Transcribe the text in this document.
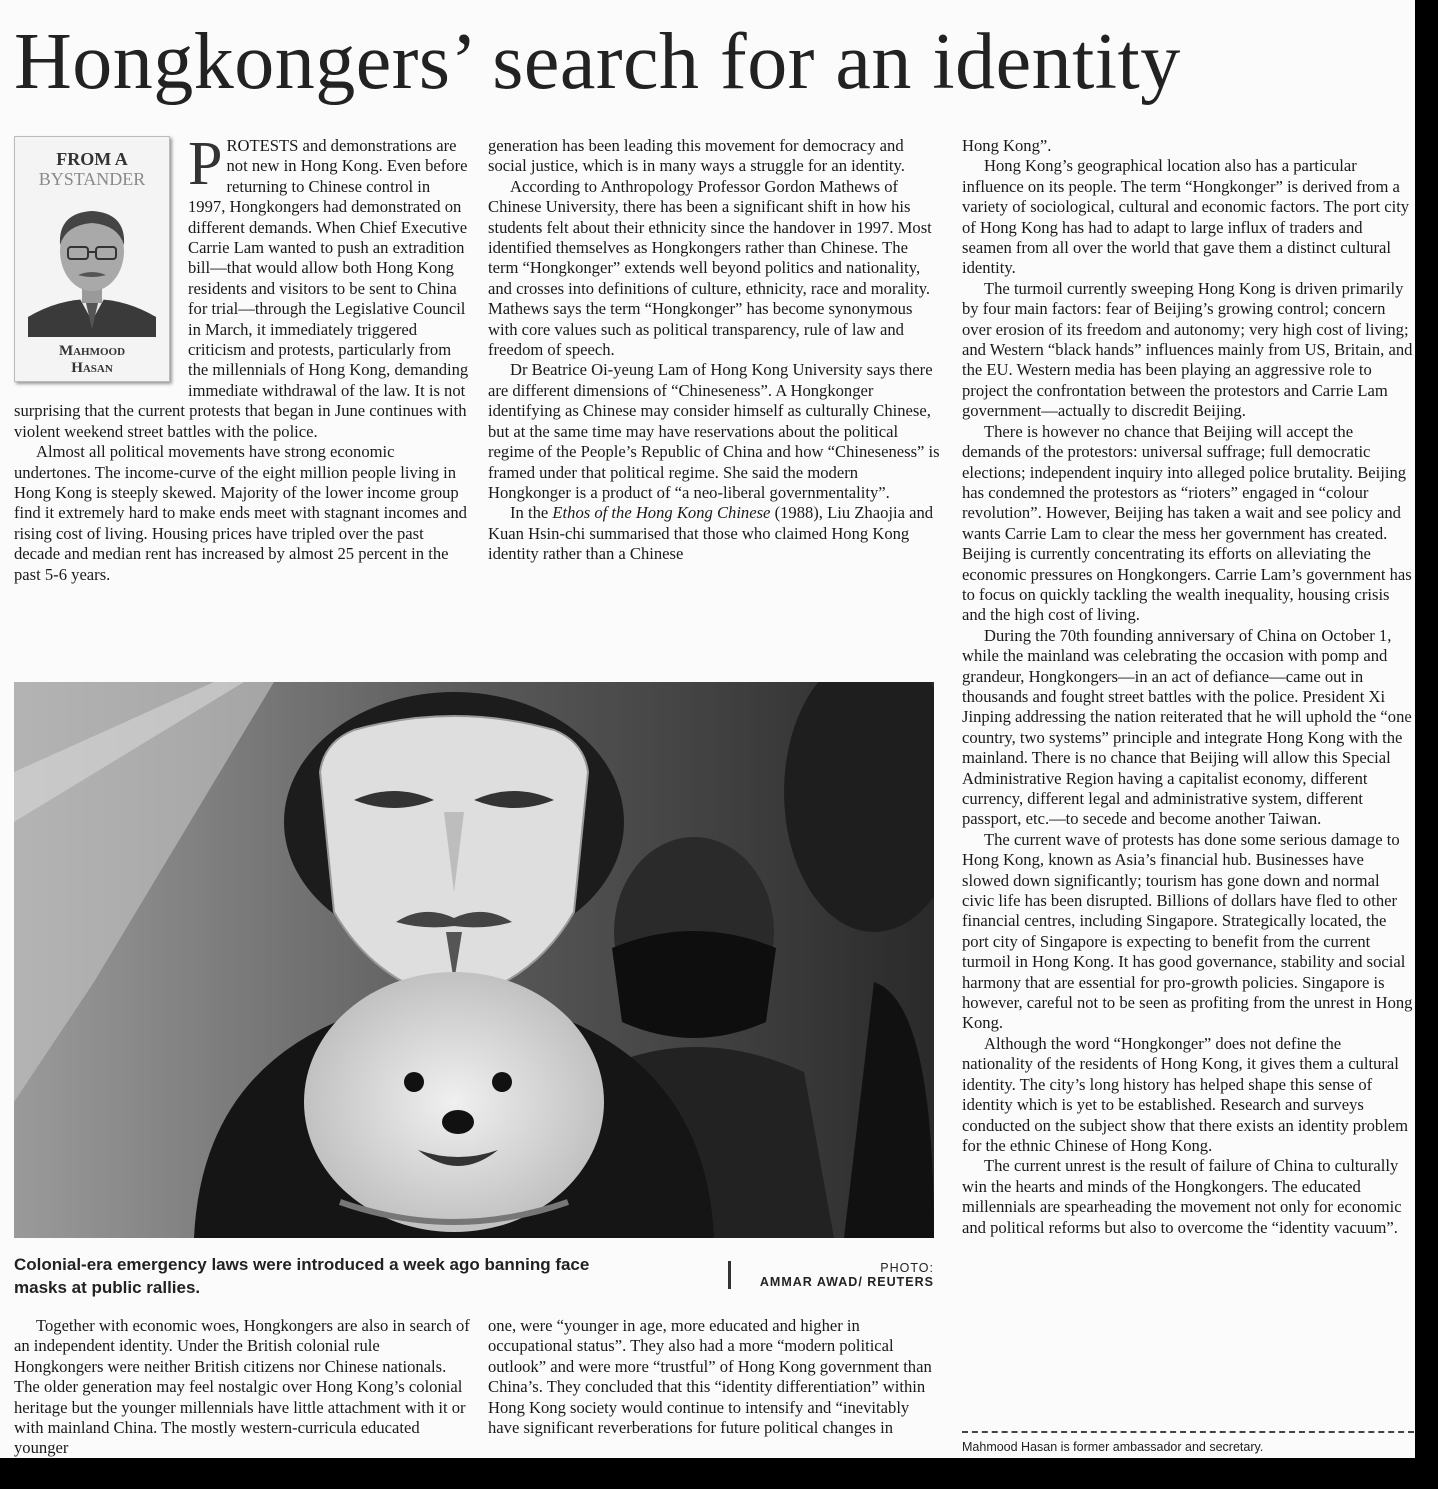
Hongkongers’ search for an identity

PROTESTS and demonstrations are not new in Hong Kong. Even before returning to Chinese control in 1997, Hongkongers had demonstrated on different demands. When Chief Executive Carrie Lam wanted to push an extradition bill—that would allow both Hong Kong residents and visitors to be sent to China for trial—through the Legislative Council in March, it immediately triggered criticism and protests, particularly from the millennials of Hong Kong, demanding immediate withdrawal of the law. It is not surprising that the current protests that began in June continues with violent weekend street battles with the police.

Almost all political movements have strong economic undertones. The income-curve of the eight million people living in Hong Kong is steeply skewed. Majority of the lower income group find it extremely hard to make ends meet with stagnant incomes and rising cost of living. Housing prices have tripled over the past decade and median rent has increased by almost 25 percent in the past 5-6 years.

FROM A
BYSTANDER
Mahmood
Hasan

generation has been leading this movement for democracy and social justice, which is in many ways a struggle for an identity.

According to Anthropology Professor Gordon Mathews of Chinese University, there has been a significant shift in how his students felt about their ethnicity since the handover in 1997. Most identified themselves as Hongkongers rather than Chinese. The term “Hongkonger” extends well beyond politics and nationality, and crosses into definitions of culture, ethnicity, race and morality. Mathews says the term “Hongkonger” has become synonymous with core values such as political transparency, rule of law and freedom of speech.

Dr Beatrice Oi-yeung Lam of Hong Kong University says there are different dimensions of “Chineseness”. A Hongkonger identifying as Chinese may consider himself as culturally Chinese, but at the same time may have reservations about the political regime of the People’s Republic of China and how “Chineseness” is framed under that political regime. She said the modern Hongkonger is a product of “a neo-liberal governmentality”.

In the Ethos of the Hong Kong Chinese (1988), Liu Zhaojia and Kuan Hsin-chi summarised that those who claimed Hong Kong identity rather than a Chinese

Hong Kong”.

Hong Kong’s geographical location also has a particular influence on its people. The term “Hongkonger” is derived from a variety of sociological, cultural and economic factors. The port city of Hong Kong has had to adapt to large influx of traders and seamen from all over the world that gave them a distinct cultural identity.

The turmoil currently sweeping Hong Kong is driven primarily by four main factors: fear of Beijing’s growing control; concern over erosion of its freedom and autonomy; very high cost of living; and Western “black hands” influences mainly from US, Britain, and the EU. Western media has been playing an aggressive role to project the confrontation between the protestors and Carrie Lam government—actually to discredit Beijing.

There is however no chance that Beijing will accept the demands of the protestors: universal suffrage; full democratic elections; independent inquiry into alleged police brutality. Beijing has condemned the protestors as “rioters” engaged in “colour revolution”. However, Beijing has taken a wait and see policy and wants Carrie Lam to clear the mess her government has created. Beijing is currently concentrating its efforts on alleviating the economic pressures on Hongkongers. Carrie Lam’s government has to focus on quickly tackling the wealth inequality, housing crisis and the high cost of living.

During the 70th founding anniversary of China on October 1, while the mainland was celebrating the occasion with pomp and grandeur, Hongkongers—in an act of defiance—came out in thousands and fought street battles with the police. President Xi Jinping addressing the nation reiterated that he will uphold the “one country, two systems” principle and integrate Hong Kong with the mainland. There is no chance that Beijing will allow this Special Administrative Region having a capitalist economy, different currency, different legal and administrative system, different passport, etc.—to secede and become another Taiwan.

The current wave of protests has done some serious damage to Hong Kong, known as Asia’s financial hub. Businesses have slowed down significantly; tourism has gone down and normal civic life has been disrupted. Billions of dollars have fled to other financial centres, including Singapore. Strategically located, the port city of Singapore is expecting to benefit from the current turmoil in Hong Kong. It has good governance, stability and social harmony that are essential for pro-growth policies. Singapore is however, careful not to be seen as profiting from the unrest in Hong Kong.

Although the word “Hongkonger” does not define the nationality of the residents of Hong Kong, it gives them a cultural identity. The city’s long history has helped shape this sense of identity which is yet to be established. Research and surveys conducted on the subject show that there exists an identity problem for the ethnic Chinese of Hong Kong.

The current unrest is the result of failure of China to culturally win the hearts and minds of the Hongkongers. The educated millennials are spearheading the movement not only for economic and political reforms but also to overcome the “identity vacuum”.

Colonial-era emergency laws were introduced a week ago banning face masks at public rallies.
PHOTO:
AMMAR AWAD/ REUTERS

Together with economic woes, Hongkongers are also in search of an independent identity. Under the British colonial rule Hongkongers were neither British citizens nor Chinese nationals. The older generation may feel nostalgic over Hong Kong’s colonial heritage but the younger millennials have little attachment with it or with mainland China. The mostly western-curricula educated younger

one, were “younger in age, more educated and higher in occupational status”. They also had a more “modern political outlook” and were more “trustful” of Hong Kong government than China’s. They concluded that this “identity differentiation” within Hong Kong society would continue to intensify and “inevitably have significant reverberations for future political changes in

Mahmood Hasan is former ambassador and secretary.
